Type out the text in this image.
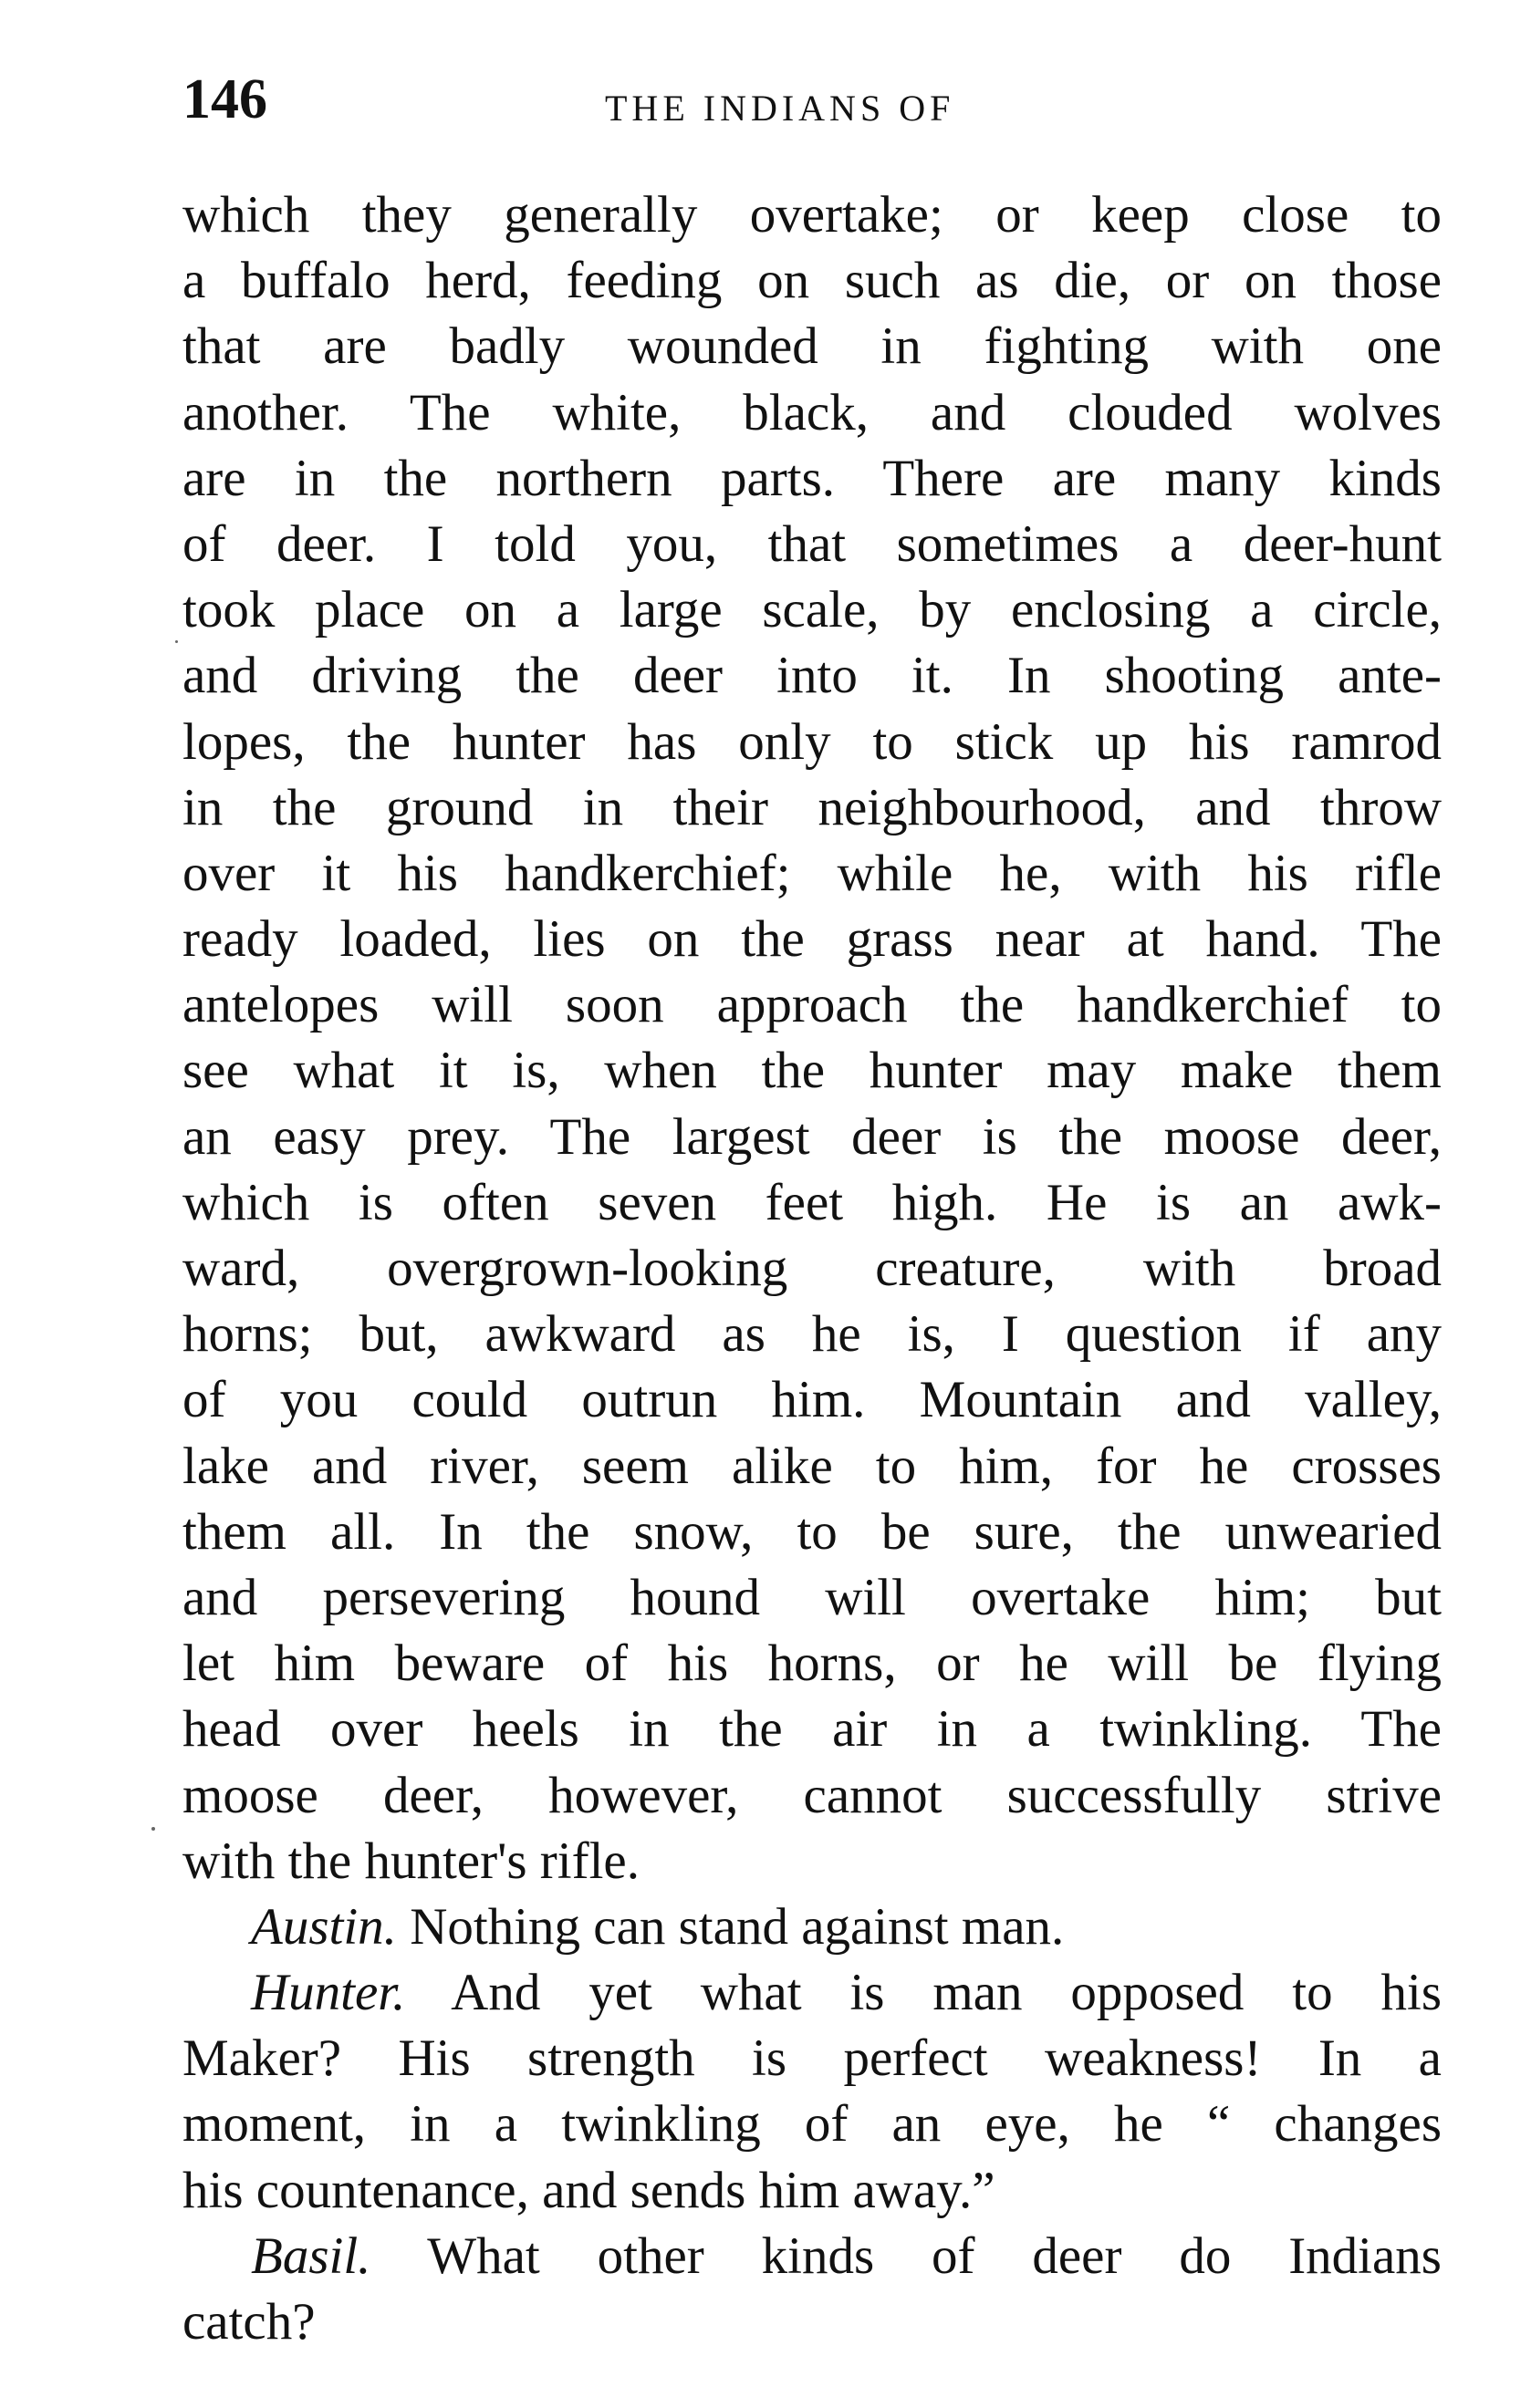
146	THE INDIANS OF
which they generally overtake; or keep close to
a buffalo herd, feeding on such as die, or on those
that are badly wounded in fighting with one
another. The white, black, and clouded wolves
are in the northern parts. There are many kinds
of deer. I told you, that sometimes a deer-hunt
took place on a large scale, by enclosing a circle,
and driving the deer into it. In shooting ante-
lopes, the hunter has only to stick up his ramrod
in the ground in their neighbourhood, and throw
over it his handkerchief; while he, with his rifle
ready loaded, lies on the grass near at hand. The
antelopes will soon approach the handkerchief to
see what it is, when the hunter may make them
an easy prey. The largest deer is the moose deer,
which is often seven feet high. He is an awk-
ward, overgrown-looking creature, with broad
horns; but, awkward as he is, I question if any
of you could outrun him. Mountain and valley,
lake and river, seem alike to him, for he crosses
them all. In the snow, to be sure, the unwearied
and persevering hound will overtake him; but
let him beware of his horns, or he will be flying
head over heels in the air in a twinkling. The
moose deer, however, cannot successfully strive
with the hunter's rifle.
Austin. Nothing can stand against man.
Hunter. And yet what is man opposed to his
Maker? His strength is perfect weakness! In a
moment, in a twinkling of an eye, he “ changes
his countenance, and sends him away.”
Basil. What other kinds of deer do Indians
catch?
